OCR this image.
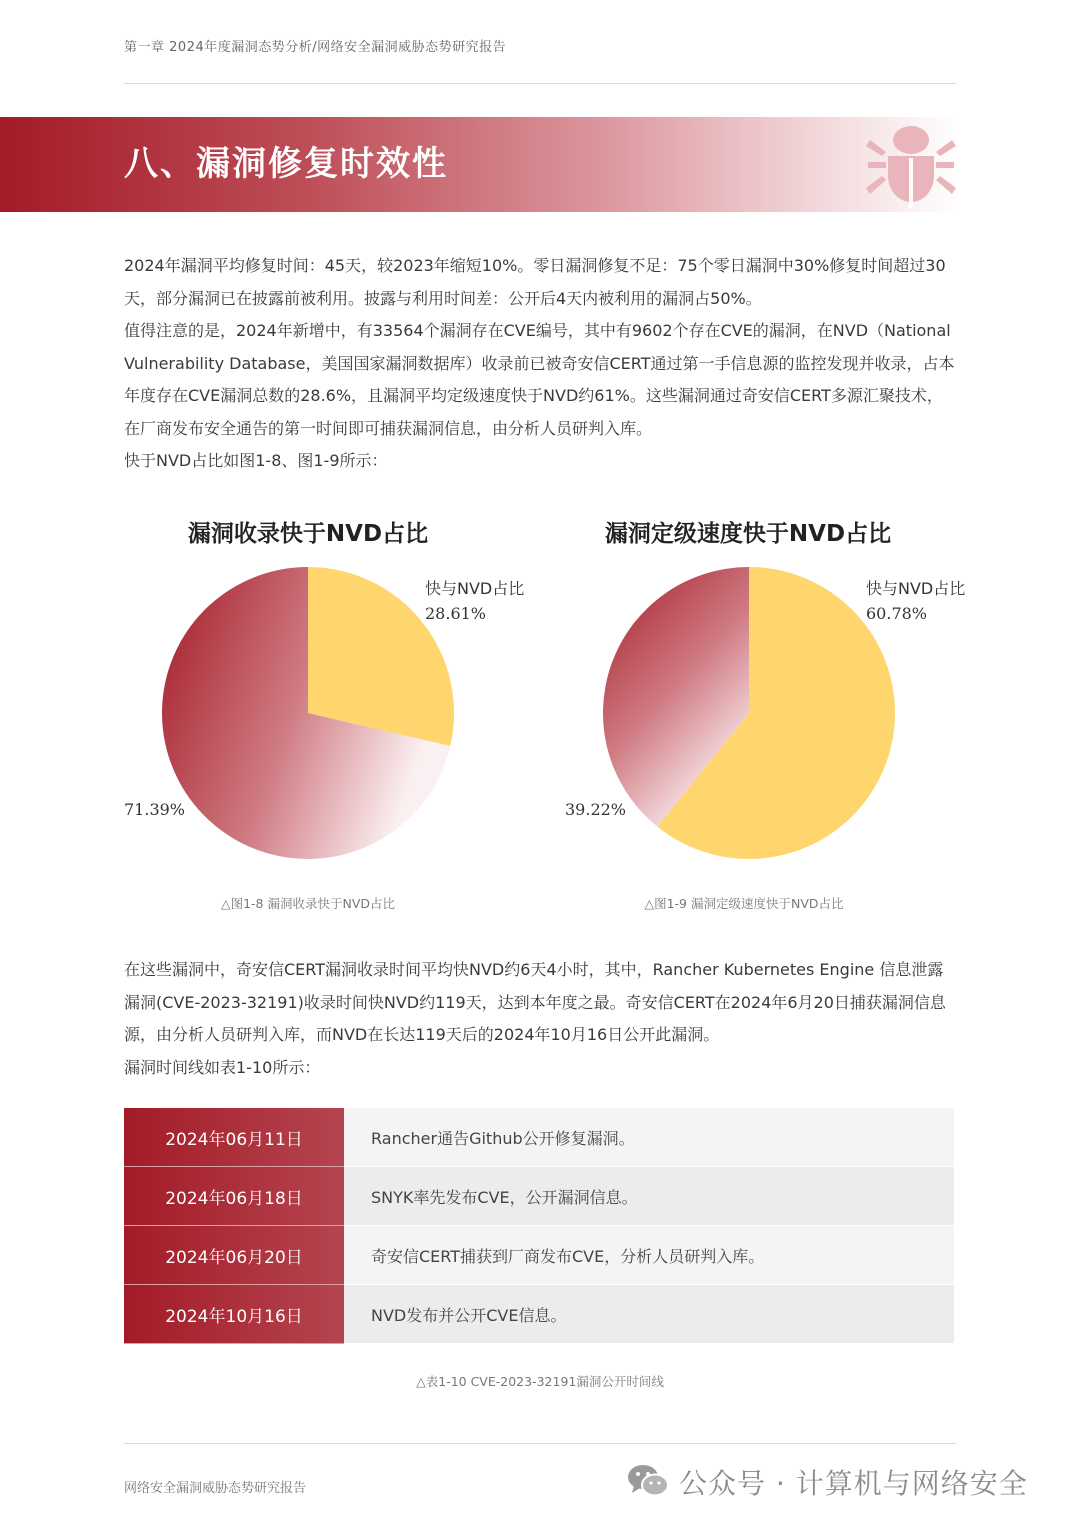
第一章 2024年度漏洞态势分析/网络安全漏洞威胁态势研究报告
八、漏洞修复时效性

2024年漏洞平均修复时间：45天，较2023年缩短10%。零日漏洞修复不足：75个零日漏洞中30%修复时间超过30天，部分漏洞已在披露前被利用。披露与利用时间差：公开后4天内被利用的漏洞占50%。

值得注意的是，2024年新增中，有33564个漏洞存在CVE编号，其中有9602个存在CVE的漏洞，在NVD（National Vulnerability Database，美国国家漏洞数据库）收录前已被奇安信CERT通过第一手信息源的监控发现并收录，占本年度存在CVE漏洞总数的28.6%，且漏洞平均定级速度快于NVD约61%。这些漏洞通过奇安信CERT多源汇聚技术，在厂商发布安全通告的第一时间即可捕获漏洞信息，由分析人员研判入库。

快于NVD占比如图1-8、图1-9所示：

漏洞收录快于NVD占比
快与NVD占比
28.61%
71.39%
△图1-8 漏洞收录快于NVD占比
漏洞定级速度快于NVD占比
快与NVD占比
60.78%
39.22%
△图1-9 漏洞定级速度快于NVD占比

在这些漏洞中，奇安信CERT漏洞收录时间平均快NVD约6天4小时，其中，Rancher Kubernetes Engine 信息泄露漏洞(CVE-2023-32191)收录时间快NVD约119天，达到本年度之最。奇安信CERT在2024年6月20日捕获漏洞信息源，由分析人员研判入库，而NVD在长达119天后的2024年10月16日公开此漏洞。

漏洞时间线如表1-10所示：

2024年06月11日	Rancher通告Github公开修复漏洞。
2024年06月18日	SNYK率先发布CVE，公开漏洞信息。
2024年06月20日	奇安信CERT捕获到厂商发布CVE，分析人员研判入库。
2024年10月16日	NVD发布并公开CVE信息。
△表1-10 CVE-2023-32191漏洞公开时间线
网络安全漏洞威胁态势研究报告	公众号 · 计算机与网络安全
